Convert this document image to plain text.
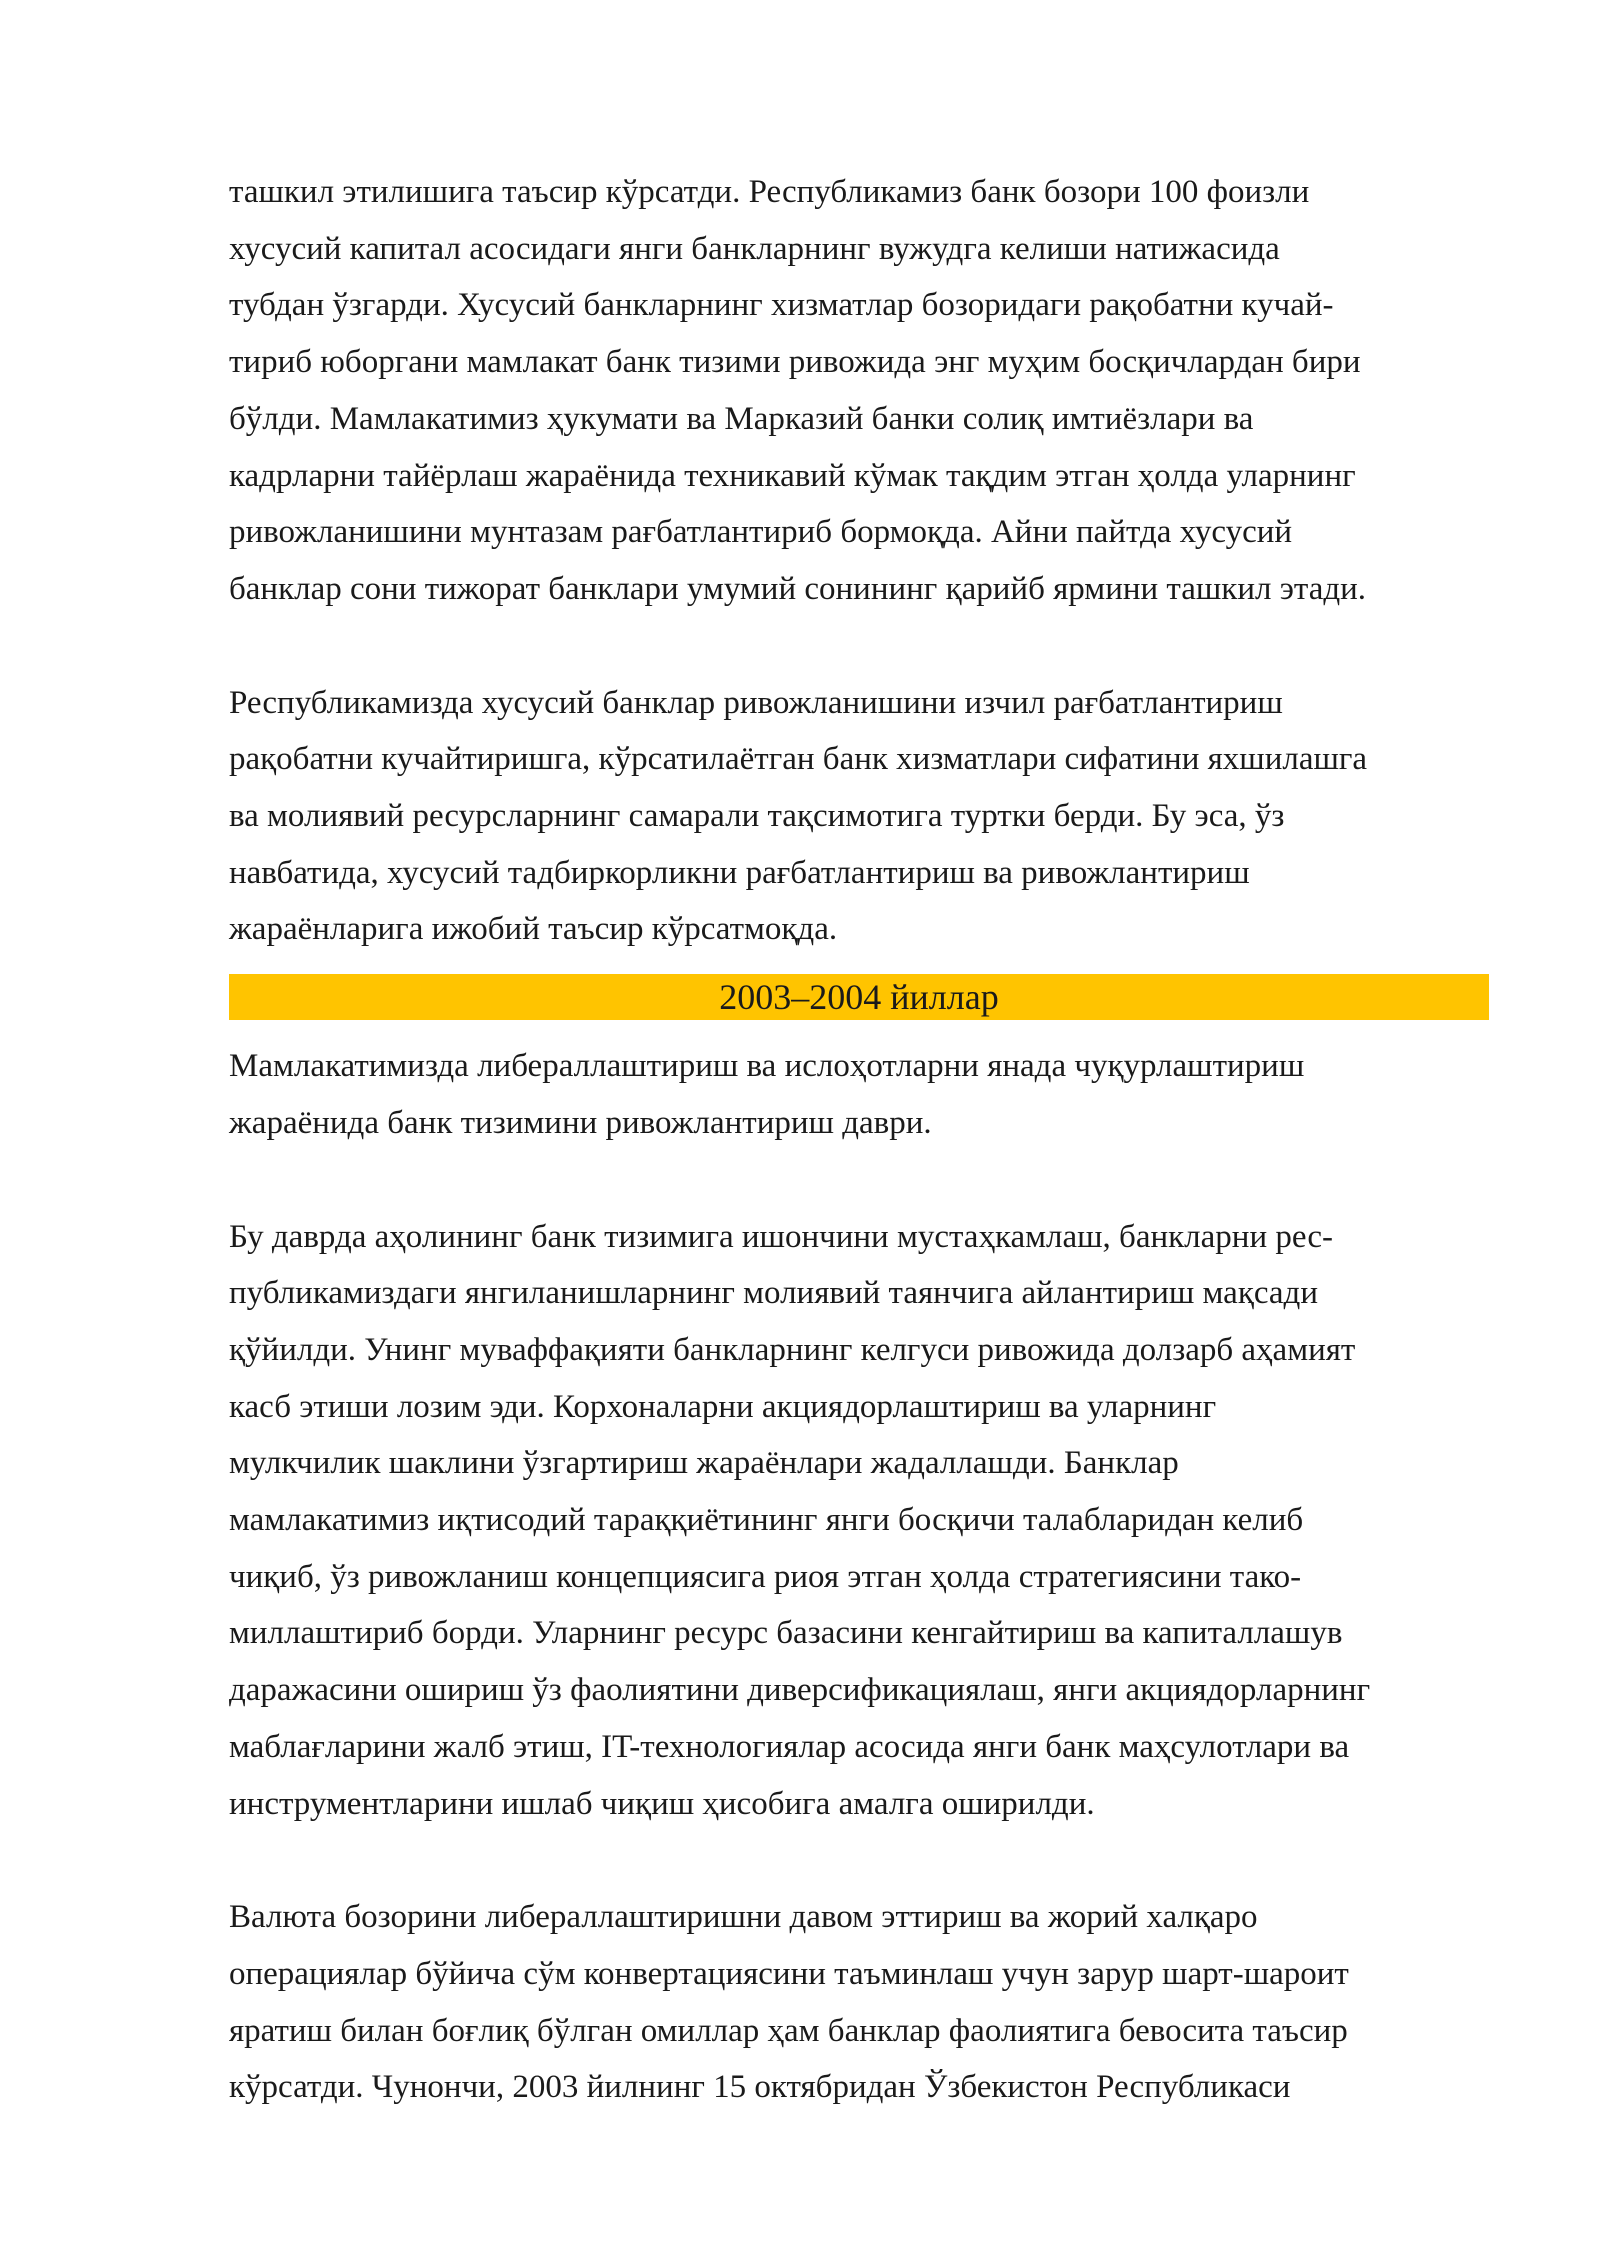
ташкил этилишига таъсир кўрсатди. Республикамиз банк бозори 100 фоизли
хусусий капитал асосидаги янги банкларнинг вужудга келиши натижасида
тубдан ўзгарди. Хусусий банкларнинг хизматлар бозоридаги рақобатни кучай-
тириб юборгани мамлакат банк тизими ривожида энг муҳим босқичлардан бири
бўлди. Мамлакатимиз ҳукумати ва Марказий банки солиқ имтиёзлари ва
кадрларни тайёрлаш жараёнида техникавий кўмак тақдим этган ҳолда уларнинг
ривожланишини мунтазам рағбатлантириб бормоқда. Айни пайтда хусусий
банклар сони тижорат банклари умумий сонининг қарийб ярмини ташкил этади.

Республикамизда хусусий банклар ривожланишини изчил рағбатлантириш
рақобатни кучайтиришга, кўрсатилаётган банк хизматлари сифатини яхшилашга
ва молиявий ресурсларнинг самарали тақсимотига туртки берди. Бу эса, ўз
навбатида, хусусий тадбиркорликни рағбатлантириш ва ривожлантириш
жараёнларига ижобий таъсир кўрсатмоқда.

2003–2004 йиллар

Мамлакатимизда либераллаштириш ва ислоҳотларни янада чуқурлаштириш
жараёнида банк тизимини ривожлантириш даври.

Бу даврда аҳолининг банк тизимига ишончини мустаҳкамлаш, банкларни рес-
публикамиздаги янгиланишларнинг молиявий таянчига айлантириш мақсади
қўйилди. Унинг муваффақияти банкларнинг келгуси ривожида долзарб аҳамият
касб этиши лозим эди. Корхоналарни акциядорлаштириш ва уларнинг
мулкчилик шаклини ўзгартириш жараёнлари жадаллашди. Банклар
мамлакатимиз иқтисодий тараққиётининг янги босқичи талабларидан келиб
чиқиб, ўз ривожланиш концепциясига риоя этган ҳолда стратегиясини тако-
миллаштириб борди. Уларнинг ресурс базасини кенгайтириш ва капиталлашув
даражасини ошириш ўз фаолиятини диверсификациялаш, янги акциядорларнинг
маблағларини жалб этиш, IT-технологиялар асосида янги банк маҳсулотлари ва
инструментларини ишлаб чиқиш ҳисобига амалга оширилди.

Валюта бозорини либераллаштиришни давом эттириш ва жорий халқаро
операциялар бўйича сўм конвертациясини таъминлаш учун зарур шарт-шароит
яратиш билан боғлиқ бўлган омиллар ҳам банклар фаолиятига бевосита таъсир
кўрсатди. Чунончи, 2003 йилнинг 15 октябридан Ўзбекистон Республикаси
